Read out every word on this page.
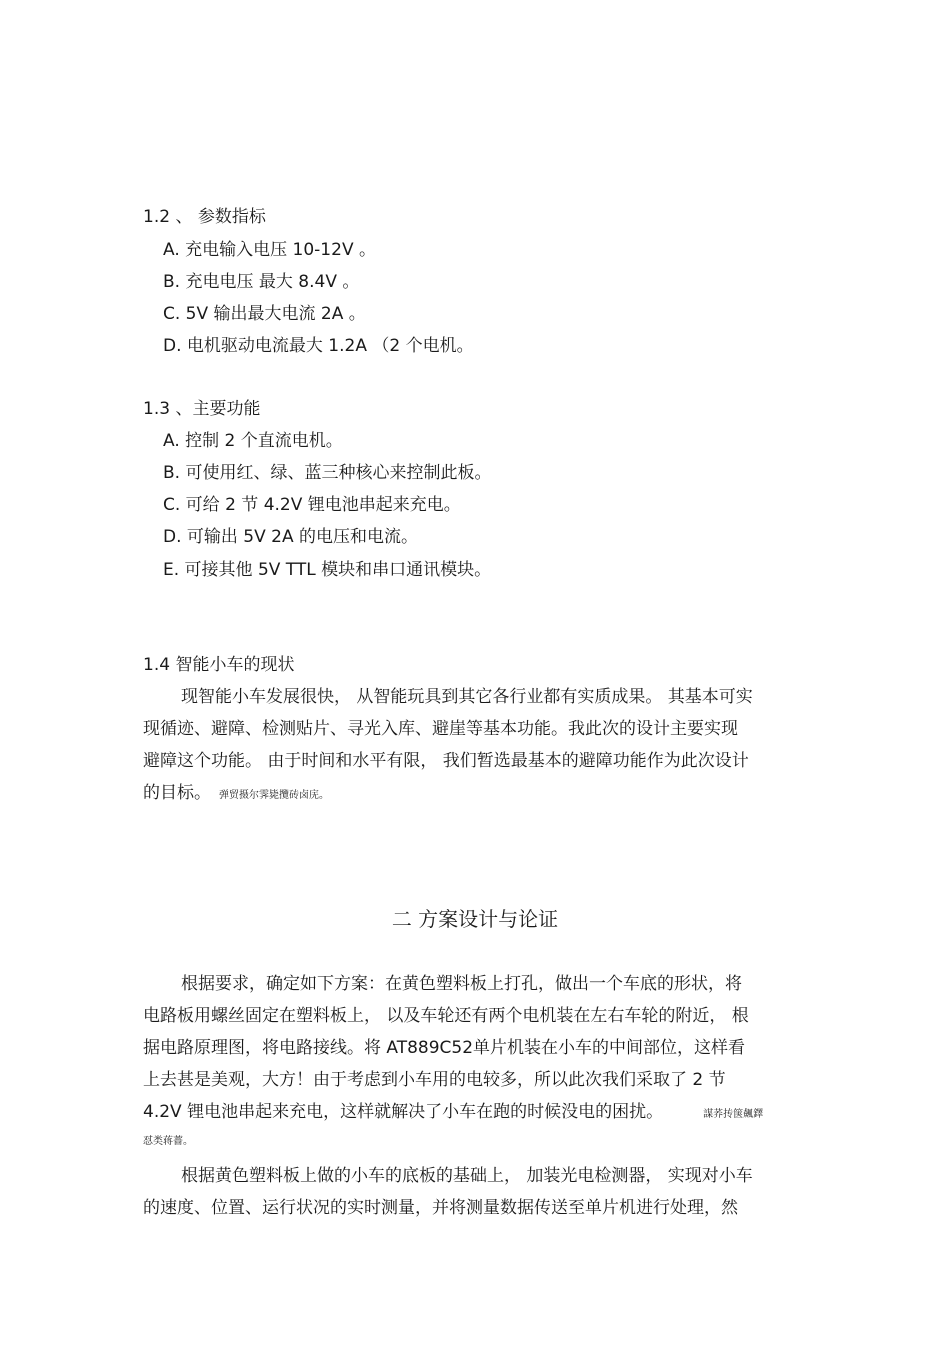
1.2 、 参数指标
A. 充电输入电压 10-12V 。
B. 充电电压 最大 8.4V 。
C. 5V 输出最大电流 2A 。
D. 电机驱动电流最大 1.2A （2 个电机。
1.3 、主要功能
A. 控制 2 个直流电机。
B. 可使用红、绿、蓝三种核心来控制此板。
C. 可给 2 节 4.2V 锂电池串起来充电。
D. 可输出 5V 2A 的电压和电流。
E. 可接其他 5V TTL 模块和串口通讯模块。
1.4 智能小车的现状
现智能小车发展很快， 从智能玩具到其它各行业都有实质成果。 其基本可实
现循迹、避障、检测贴片、寻光入库、避崖等基本功能。我此次的设计主要实现
避障这个功能。 由于时间和水平有限， 我们暂选最基本的避障功能作为此次设计
的目标。 弹贸摄尔霁毙攬砖卤庑。
二 方案设计与论证
根据要求，确定如下方案：在黄色塑料板上打孔，做出一个车底的形状，将
电路板用螺丝固定在塑料板上， 以及车轮还有两个电机装在左右车轮的附近， 根
据电路原理图，将电路接线。将 AT889C52单片机装在小车的中间部位，这样看
上去甚是美观，大方！由于考虑到小车用的电较多，所以此次我们采取了 2 节
4.2V 锂电池串起来充电，这样就解决了小车在跑的时候没电的困扰。	謀荞抟箧飆鐸
怼类蒋薔。
根据黄色塑料板上做的小车的底板的基础上， 加装光电检测器， 实现对小车
的速度、位置、运行状况的实时测量，并将测量数据传送至单片机进行处理，然
